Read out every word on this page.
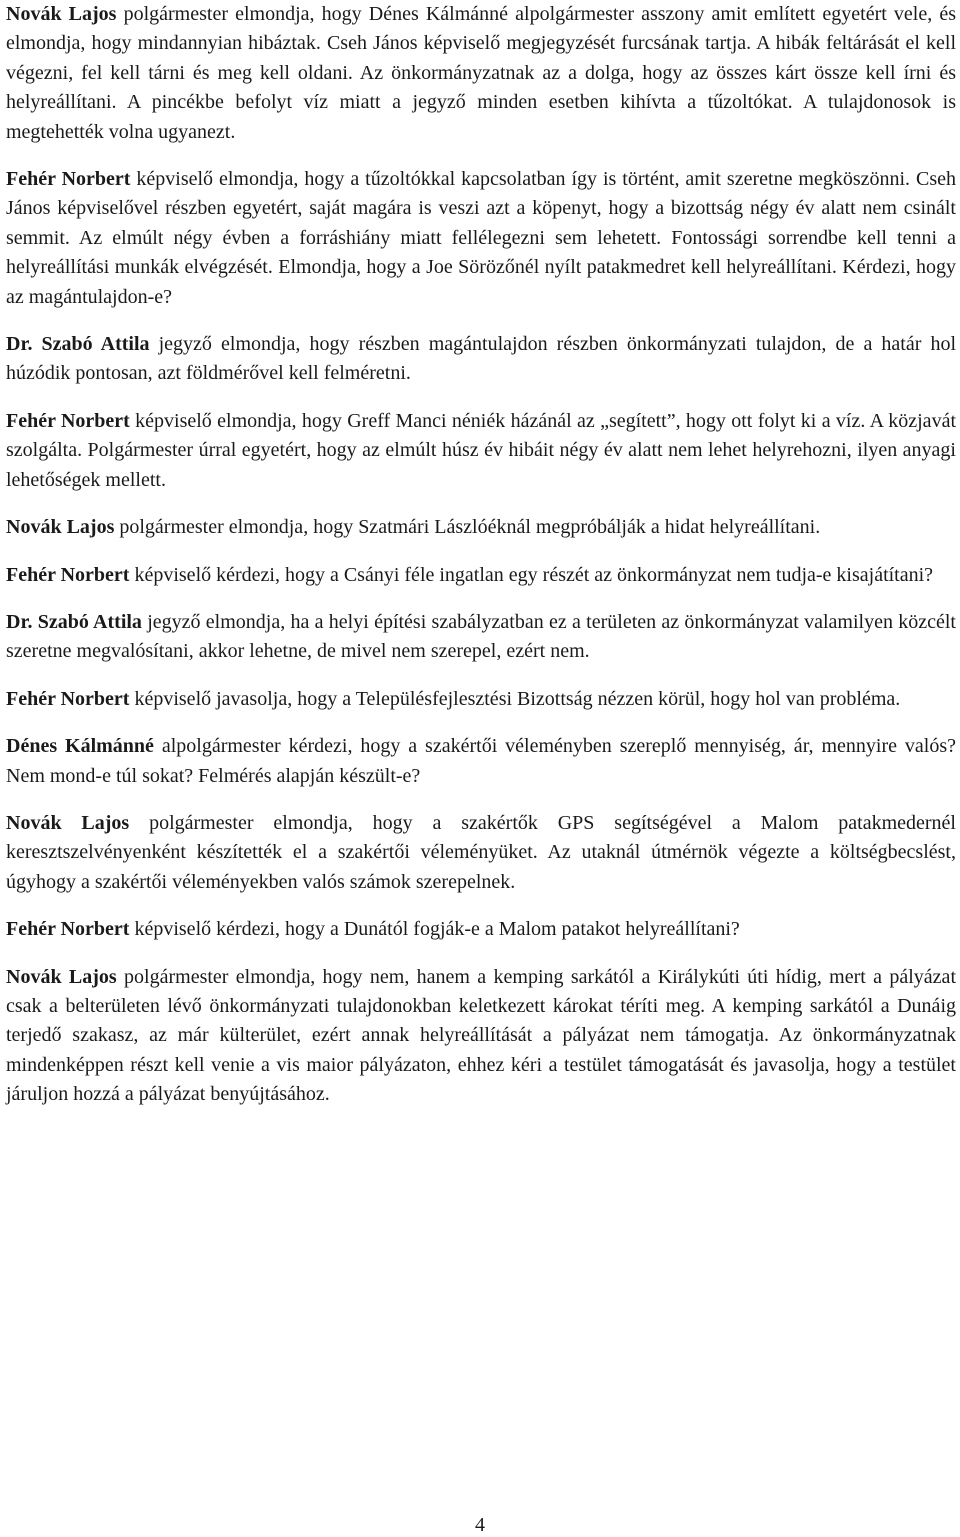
Novák Lajos polgármester elmondja, hogy Dénes Kálmánné alpolgármester asszony amit említett egyetért vele, és elmondja, hogy mindannyian hibáztak. Cseh János képviselő megjegyzését furcsának tartja. A hibák feltárását el kell végezni, fel kell tárni és meg kell oldani. Az önkormányzatnak az a dolga, hogy az összes kárt össze kell írni és helyreállítani. A pincékbe befolyt víz miatt a jegyző minden esetben kihívta a tűzoltókat. A tulajdonosok is megtehették volna ugyanezt.

Fehér Norbert képviselő elmondja, hogy a tűzoltókkal kapcsolatban így is történt, amit szeretne megköszönni. Cseh János képviselővel részben egyetért, saját magára is veszi azt a köpenyt, hogy a bizottság négy év alatt nem csinált semmit. Az elmúlt négy évben a forráshiány miatt fellélegezni sem lehetett. Fontossági sorrendbe kell tenni a helyreállítási munkák elvégzését. Elmondja, hogy a Joe Sörözőnél nyílt patakmedret kell helyreállítani. Kérdezi, hogy az magántulajdon-e?

Dr. Szabó Attila jegyző elmondja, hogy részben magántulajdon részben önkormányzati tulajdon, de a határ hol húzódik pontosan, azt földmérővel kell felméretni.

Fehér Norbert képviselő elmondja, hogy Greff Manci néniék házánál az „segített”, hogy ott folyt ki a víz. A közjavát szolgálta. Polgármester úrral egyetért, hogy az elmúlt húsz év hibáit négy év alatt nem lehet helyrehozni, ilyen anyagi lehetőségek mellett.

Novák Lajos polgármester elmondja, hogy Szatmári Lászlóéknál megpróbálják a hidat helyreállítani.

Fehér Norbert képviselő kérdezi, hogy a Csányi féle ingatlan egy részét az önkormányzat nem tudja-e kisajátítani?

Dr. Szabó Attila jegyző elmondja, ha a helyi építési szabályzatban ez a területen az önkormányzat valamilyen közcélt szeretne megvalósítani, akkor lehetne, de mivel nem szerepel, ezért nem.

Fehér Norbert képviselő javasolja, hogy a Településfejlesztési Bizottság nézzen körül, hogy hol van probléma.

Dénes Kálmánné alpolgármester kérdezi, hogy a szakértői véleményben szereplő mennyiség, ár, mennyire valós? Nem mond-e túl sokat? Felmérés alapján készült-e?

Novák Lajos polgármester elmondja, hogy a szakértők GPS segítségével a Malom patakmedernél keresztszelvényenként készítették el a szakértői véleményüket. Az utaknál útmérnök végezte a költségbecslést, úgyhogy a szakértői véleményekben valós számok szerepelnek.

Fehér Norbert képviselő kérdezi, hogy a Dunától fogják-e a Malom patakot helyreállítani?

Novák Lajos polgármester elmondja, hogy nem, hanem a kemping sarkától a Királykúti úti hídig, mert a pályázat csak a belterületen lévő önkormányzati tulajdonokban keletkezett károkat téríti meg. A kemping sarkától a Dunáig terjedő szakasz, az már külterület, ezért annak helyreállítását a pályázat nem támogatja. Az önkormányzatnak mindenképpen részt kell venie a vis maior pályázaton, ehhez kéri a testület támogatását és javasolja, hogy a testület járuljon hozzá a pályázat benyújtásához.

4
